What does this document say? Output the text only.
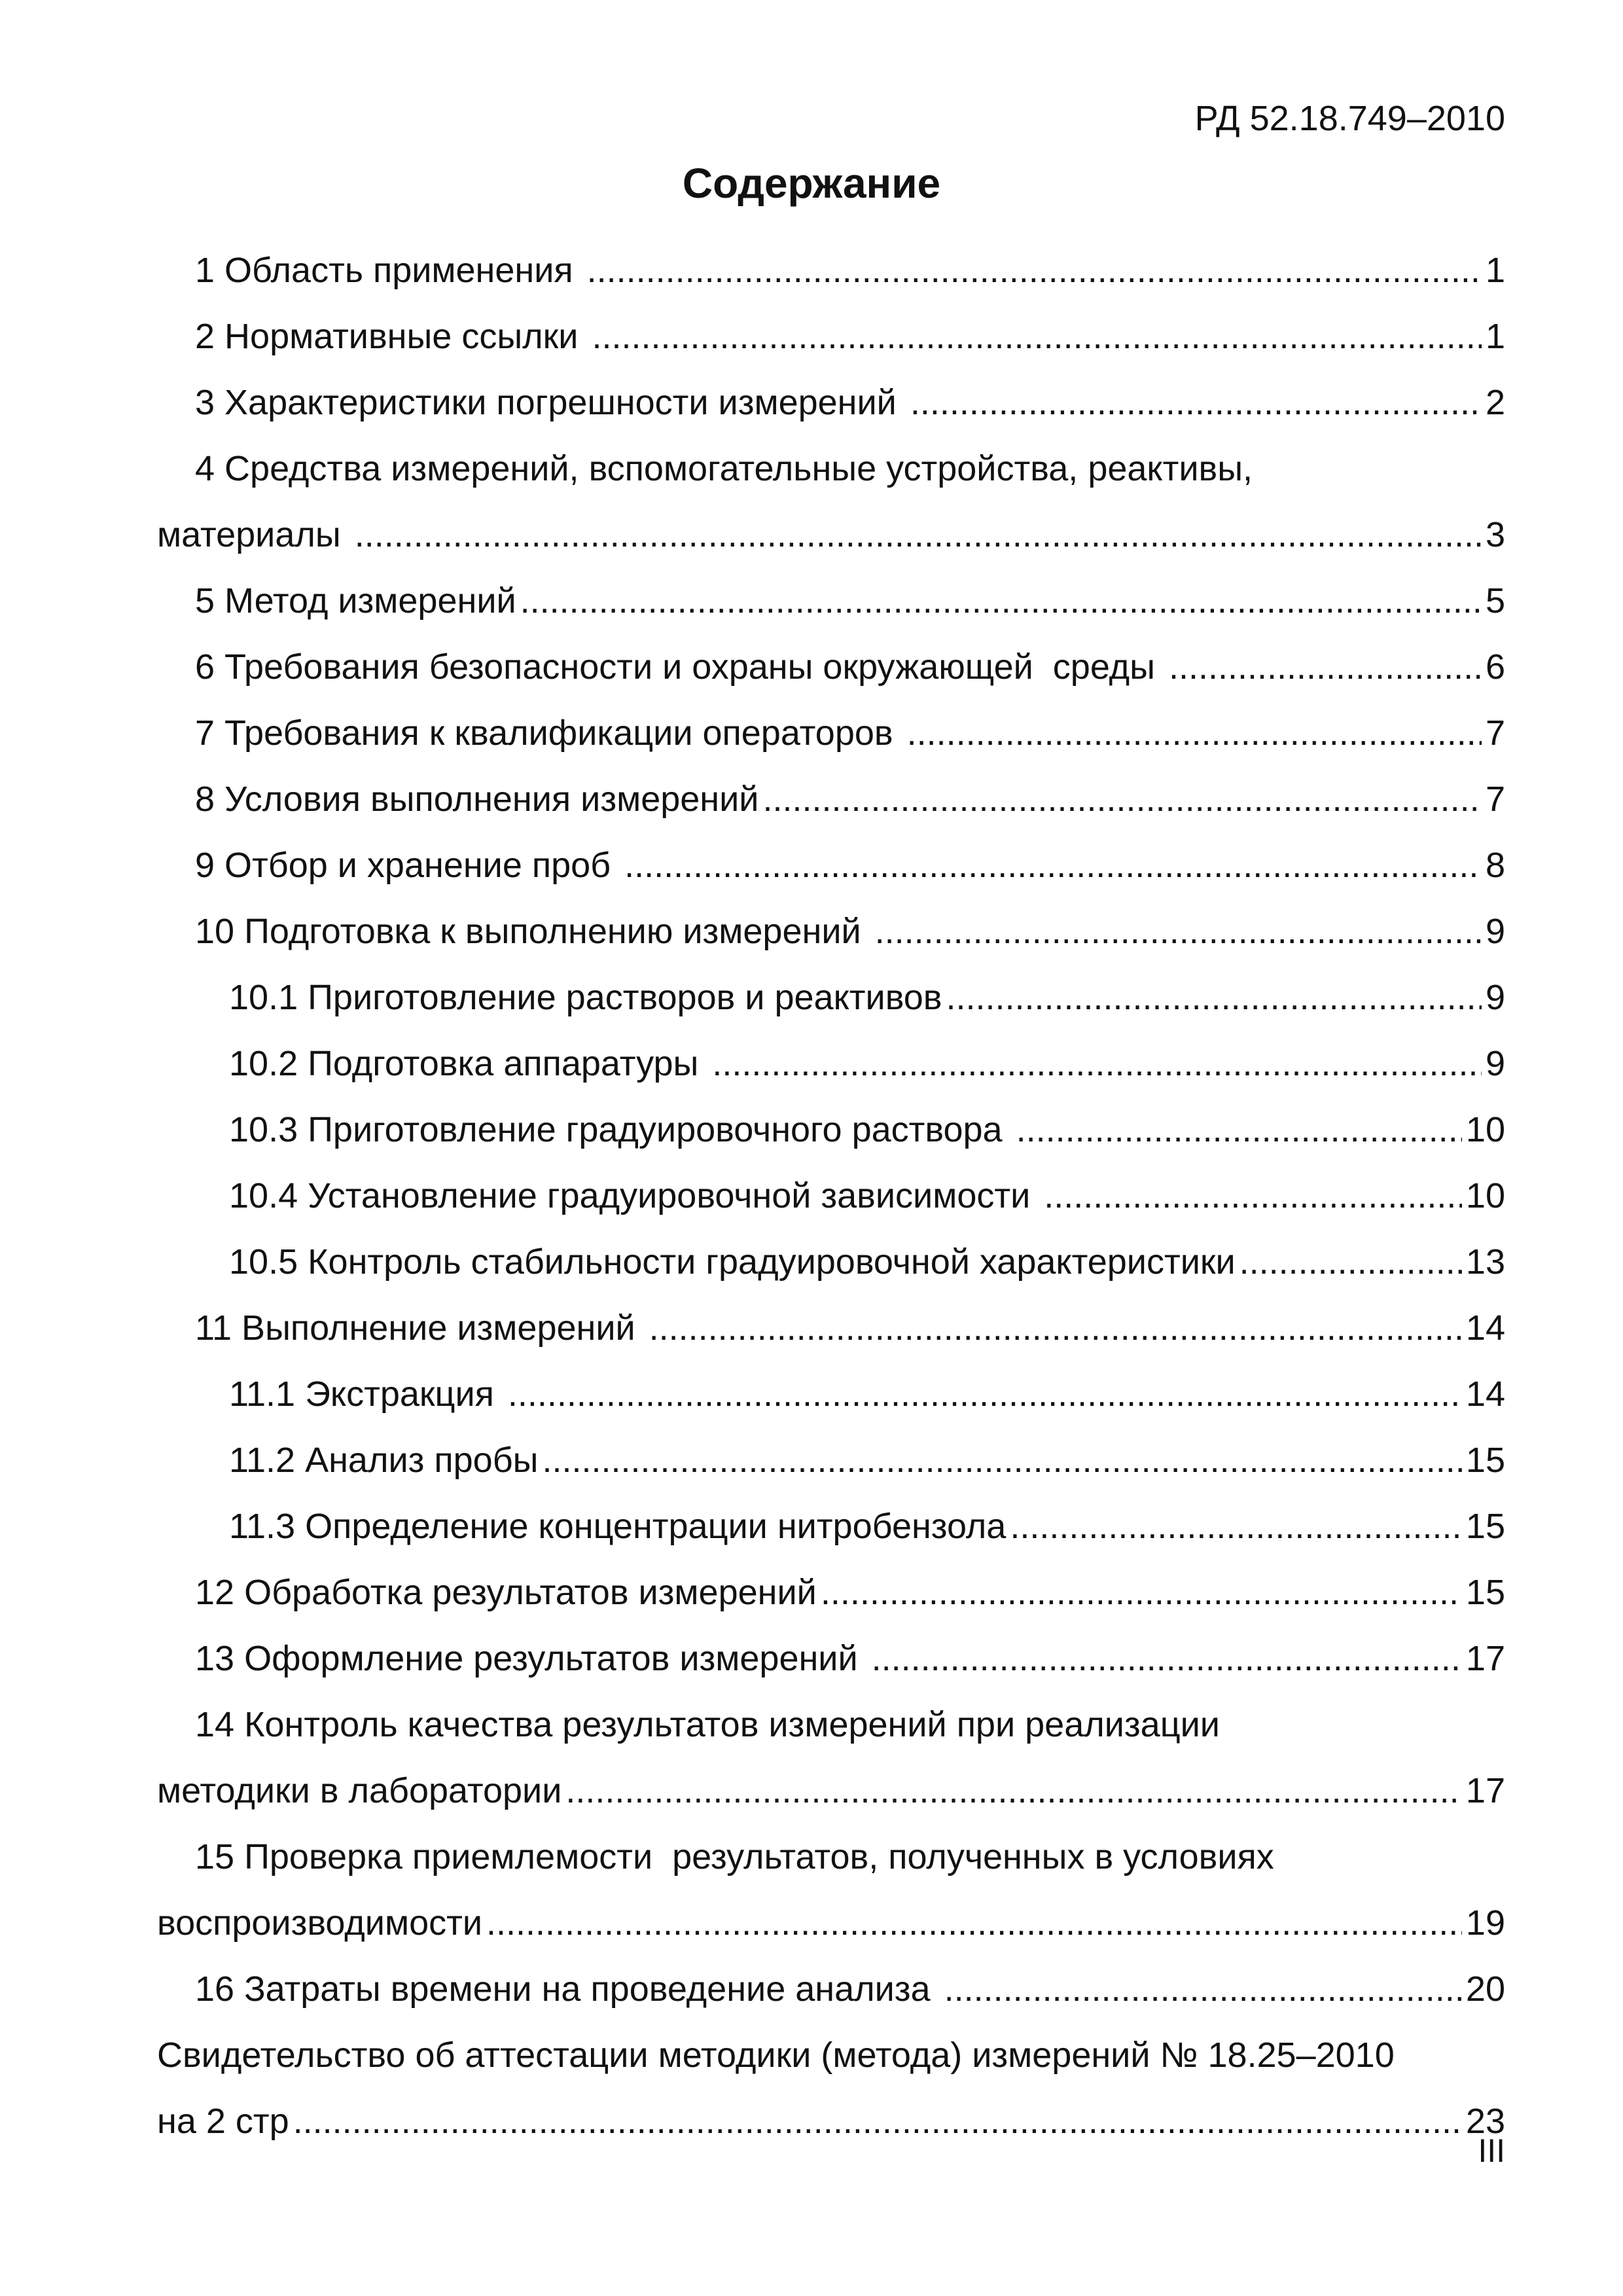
РД 52.18.749–2010
Содержание
1 Область применения .....	1
2 Нормативные ссылки .....	1
3 Характеристики погрешности измерений .....	2
4 Средства измерений, вспомогательные устройства, реактивы,
материалы .....	3
5 Метод измерений .....	5
6 Требования безопасности и охраны окружающей  среды .....	6
7 Требования к квалификации операторов .....	7
8 Условия выполнения измерений .....	7
9 Отбор и хранение проб .....	8
10 Подготовка к выполнению измерений .....	9
10.1 Приготовление растворов и реактивов .....	9
10.2 Подготовка аппаратуры .....	9
10.3 Приготовление градуировочного раствора .....	10
10.4 Установление градуировочной зависимости .....	10
10.5 Контроль стабильности градуировочной характеристики .....	13
11 Выполнение измерений .....	14
11.1 Экстракция .....	14
11.2 Анализ пробы .....	15
11.3 Определение концентрации нитробензола .....	15
12 Обработка результатов измерений .....	15
13 Оформление результатов измерений .....	17
14 Контроль качества результатов измерений при реализации
методики в лаборатории .....	17
15 Проверка приемлемости  результатов, полученных в условиях
воспроизводимости .....	19
16 Затраты времени на проведение анализа .....	20
Свидетельство об аттестации методики (метода) измерений № 18.25–2010
на 2 стр .....	23
III
